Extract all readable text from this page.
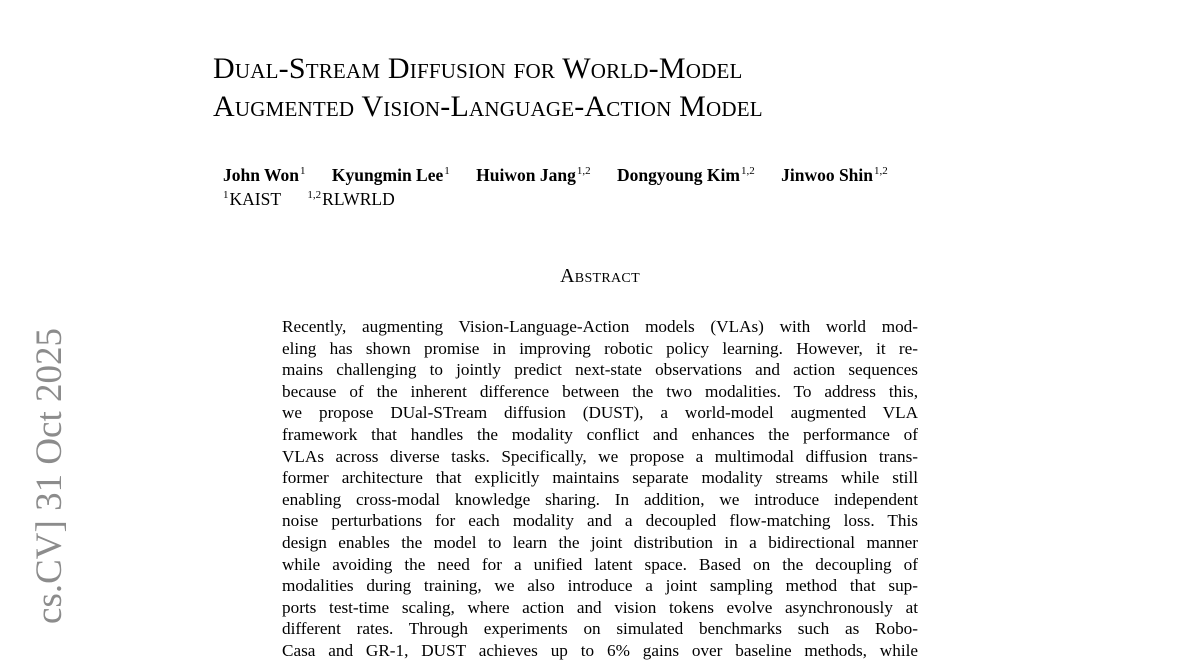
Dual-Stream Diffusion for World-Model
Augmented Vision-Language-Action Model
John Won$^1$ Kyungmin Lee$^1$ Huiwon Jang$^{1,2}$ Dongyoung Kim$^{1,2}$ Jinwoo Shin$^{1,2}$
$^1$KAIST $^{1,2}$RLWRLD
Abstract
Recently, augmenting Vision-Language-Action models (VLAs) with world mod-
eling has shown promise in improving robotic policy learning. However, it re-
mains challenging to jointly predict next-state observations and action sequences
because of the inherent difference between the two modalities. To address this,
we propose DUal-STream diffusion (DUST), a world-model augmented VLA
framework that handles the modality conflict and enhances the performance of
VLAs across diverse tasks. Specifically, we propose a multimodal diffusion trans-
former architecture that explicitly maintains separate modality streams while still
enabling cross-modal knowledge sharing. In addition, we introduce independent
noise perturbations for each modality and a decoupled flow-matching loss. This
design enables the model to learn the joint distribution in a bidirectional manner
while avoiding the need for a unified latent space. Based on the decoupling of
modalities during training, we also introduce a joint sampling method that sup-
ports test-time scaling, where action and vision tokens evolve asynchronously at
different rates. Through experiments on simulated benchmarks such as Robo-
Casa and GR-1, DUST achieves up to 6% gains over baseline methods, while
cs.CV] 31 Oct 2025
